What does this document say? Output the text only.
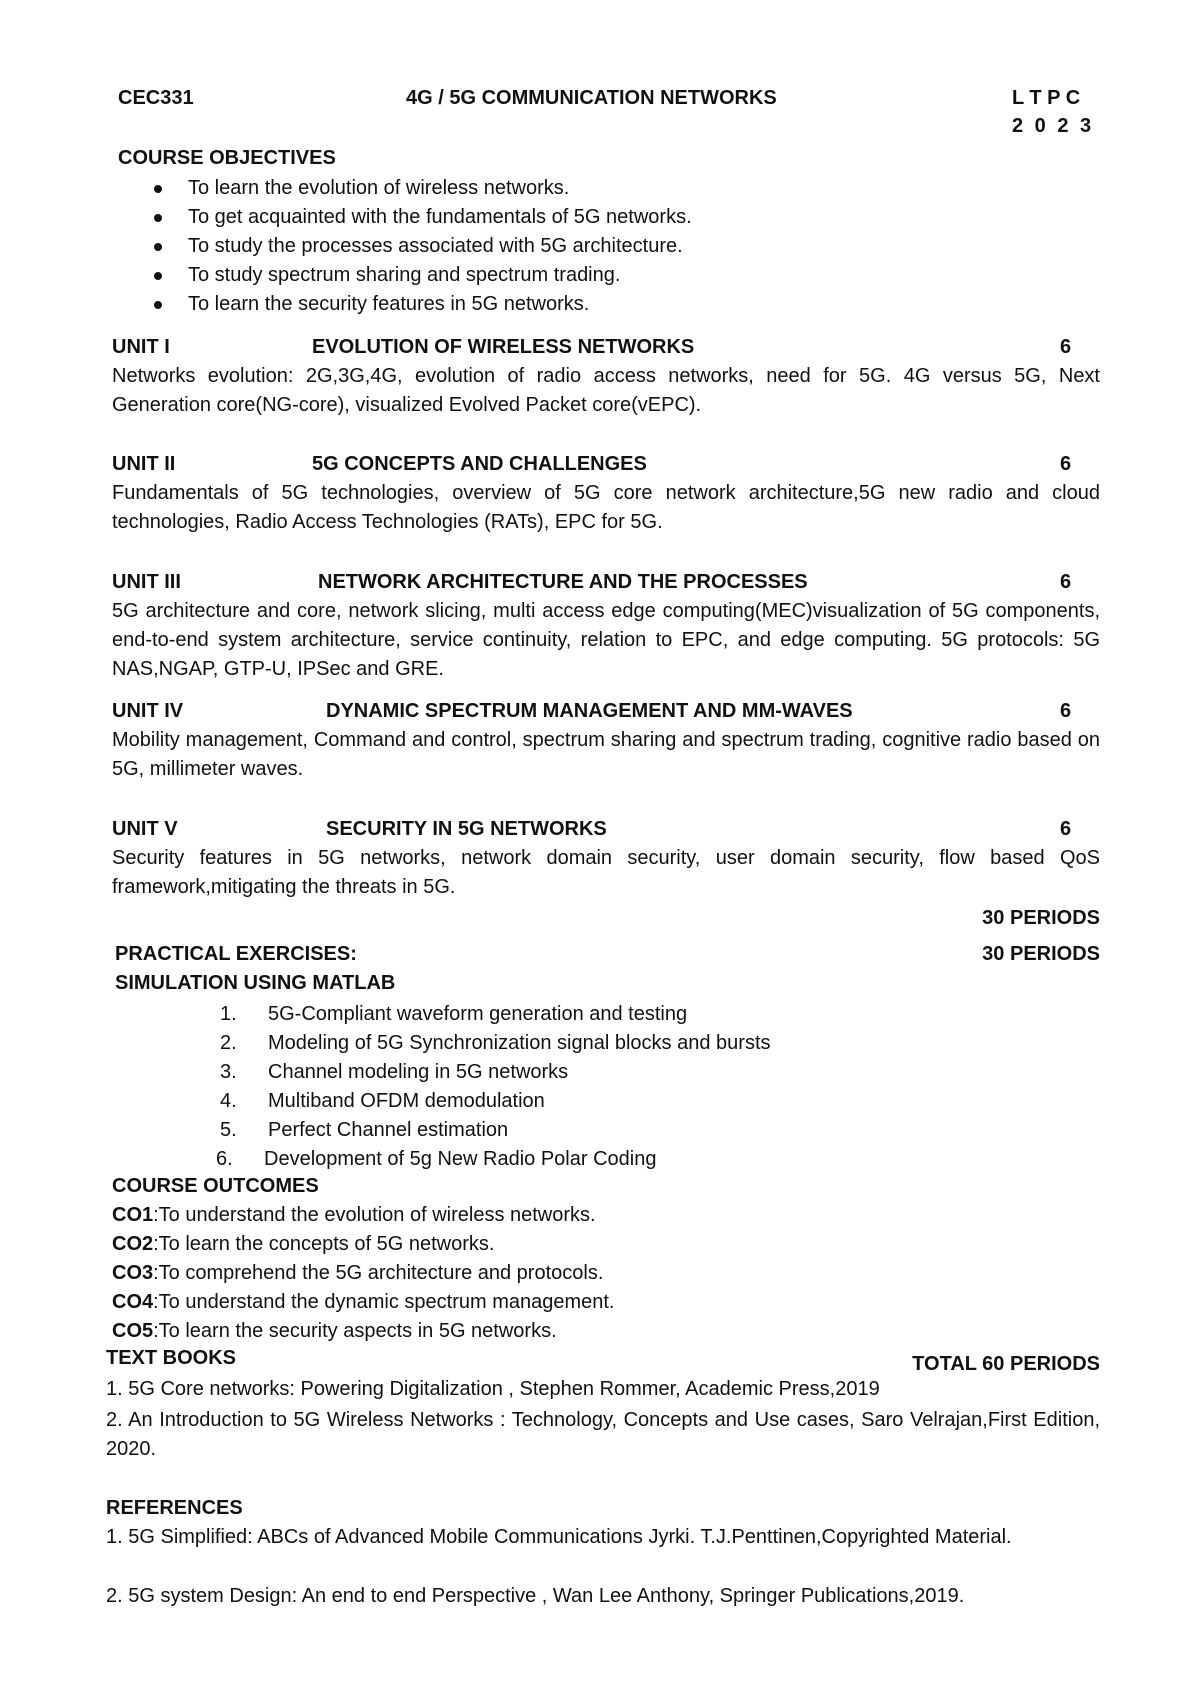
CEC331	4G / 5G COMMUNICATION NETWORKS	L T P C
2 0 2 3
COURSE OBJECTIVES
To learn the evolution of wireless networks.
To get acquainted with the fundamentals of 5G networks.
To study the processes associated with 5G architecture.
To study spectrum sharing and spectrum trading.
To learn the security features in 5G networks.
UNIT I	EVOLUTION OF WIRELESS NETWORKS	6
Networks evolution: 2G,3G,4G, evolution of radio access networks, need for 5G. 4G versus 5G, Next Generation core(NG-core), visualized Evolved Packet core(vEPC).
UNIT II	5G CONCEPTS AND CHALLENGES	6
Fundamentals of 5G technologies, overview of 5G core network architecture,5G new radio and cloud technologies, Radio Access Technologies (RATs), EPC for 5G.
UNIT III	NETWORK ARCHITECTURE AND THE PROCESSES	6
5G architecture and core, network slicing, multi access edge computing(MEC)visualization of 5G components, end-to-end system architecture, service continuity, relation to EPC, and edge computing. 5G protocols: 5G NAS,NGAP, GTP-U, IPSec and GRE.
UNIT IV	DYNAMIC SPECTRUM MANAGEMENT AND MM-WAVES	6
Mobility management, Command and control, spectrum sharing and spectrum trading, cognitive radio based on 5G, millimeter waves.
UNIT V	SECURITY IN 5G NETWORKS	6
Security features in 5G networks, network domain security, user domain security, flow based QoS framework,mitigating the threats in 5G.
30 PERIODS
PRACTICAL EXERCISES:	30 PERIODS
SIMULATION USING MATLAB
1. 5G-Compliant waveform generation and testing
2. Modeling of 5G Synchronization signal blocks and bursts
3. Channel modeling in 5G networks
4. Multiband OFDM demodulation
5. Perfect Channel estimation
6. Development of 5g New Radio Polar Coding
COURSE OUTCOMES
CO1:To understand the evolution of wireless networks.
CO2:To learn the concepts of 5G networks.
CO3:To comprehend the 5G architecture and protocols.
CO4:To understand the dynamic spectrum management.
CO5:To learn the security aspects in 5G networks.
TEXT BOOKS	TOTAL 60 PERIODS
1. 5G Core networks: Powering Digitalization , Stephen Rommer, Academic Press,2019
2. An Introduction to 5G Wireless Networks : Technology, Concepts and Use cases, Saro Velrajan,First Edition, 2020.
REFERENCES
1. 5G Simplified: ABCs of Advanced Mobile Communications Jyrki. T.J.Penttinen,Copyrighted Material.
2. 5G system Design: An end to end Perspective , Wan Lee Anthony, Springer Publications,2019.
